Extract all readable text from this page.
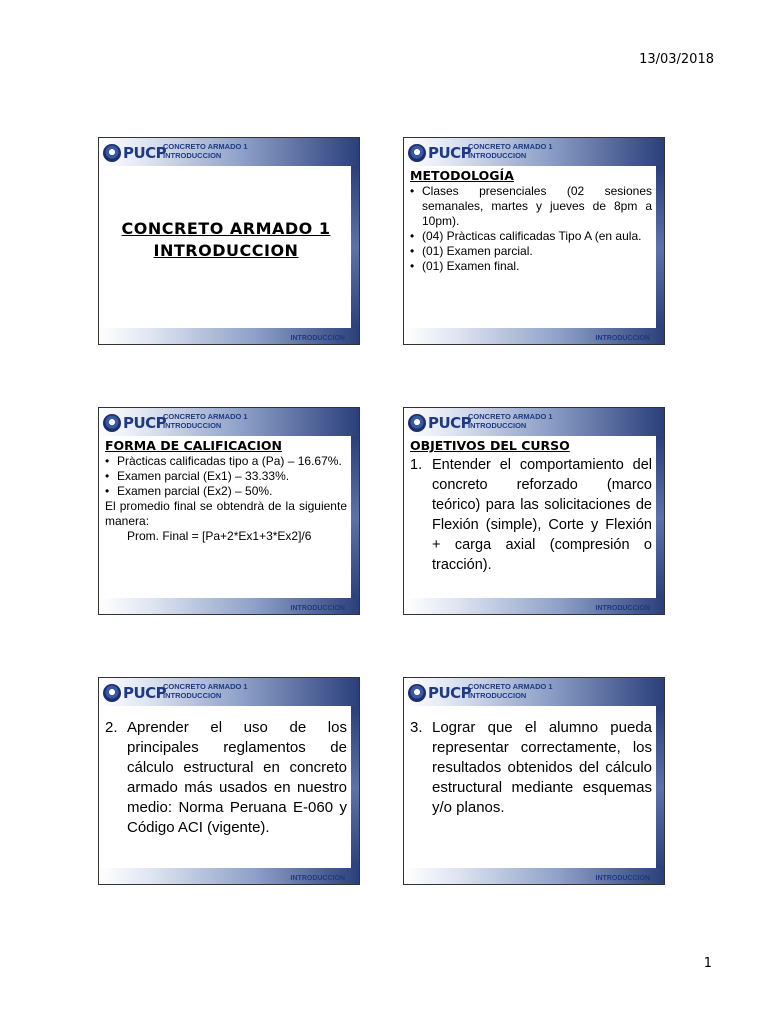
13/03/2018
PUCP
CONCRETO ARMADO 1
INTRODUCCION
CONCRETO ARMADO 1
INTRODUCCION
INTRODUCCION
PUCP
CONCRETO ARMADO 1
INTRODUCCION
METODOLOGÍA
• Clases presenciales (02 sesiones semanales, martes y jueves de 8pm a 10pm).
• (04) Pràcticas calificadas Tipo A (en aula.
• (01) Examen parcial.
• (01) Examen final.
INTRODUCCION
PUCP
CONCRETO ARMADO 1
INTRODUCCION
FORMA DE CALIFICACION
• Pràcticas calificadas tipo a (Pa) – 16.67%.
• Examen parcial (Ex1) – 33.33%.
• Examen parcial (Ex2) – 50%.

El promedio final se obtendrà de la siguiente manera:

Prom. Final = [Pa+2*Ex1+3*Ex2]/6

INTRODUCCION
PUCP
CONCRETO ARMADO 1
INTRODUCCION
OBJETIVOS DEL CURSO
1. Entender el comportamiento del concreto reforzado (marco teórico) para las solicitaciones de Flexión (simple), Corte y Flexión + carga axial (compresión o tracción).
INTRODUCCION
PUCP
CONCRETO ARMADO 1
INTRODUCCION
2. Aprender el uso de los principales reglamentos de cálculo estructural en concreto armado más usados en nuestro medio: Norma Peruana E-060 y Código ACI (vigente).
INTRODUCCION
PUCP
CONCRETO ARMADO 1
INTRODUCCION
3. Lograr que el alumno pueda representar correctamente, los resultados obtenidos del cálculo estructural mediante esquemas y/o planos.
INTRODUCCION
1
